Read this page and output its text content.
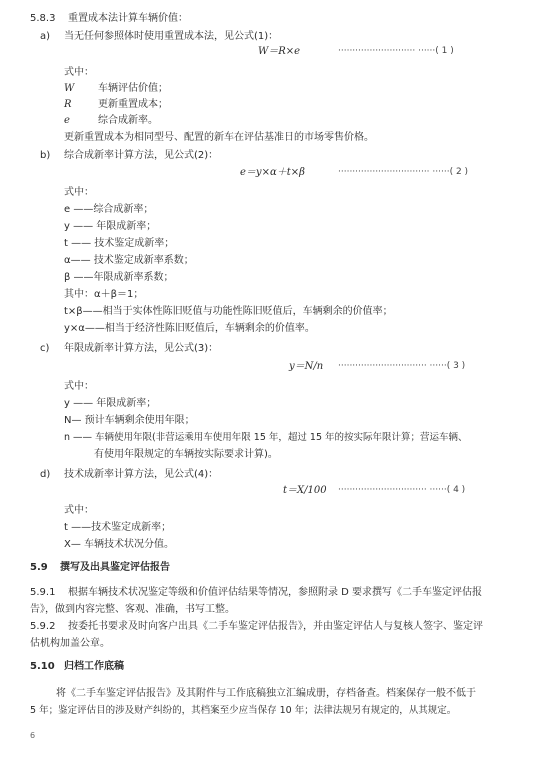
5.8.3 重置成本法计算车辆价值：
a) 当无任何参照体时使用重置成本法，见公式(1)：
W＝R×e	··························· ······( 1 )
式中：
W 车辆评估价值；
R	更新重置成本；
e	综合成新率。
更新重置成本为相同型号、配置的新车在评估基准日的市场零售价格。
b) 综合成新率计算方法，见公式(2)：
e＝y×α＋t×β	································ ······( 2 )
式中：
e ——综合成新率；
y —— 年限成新率；
t —— 技术鉴定成新率；
α—— 技术鉴定成新率系数；
β ——年限成新率系数；
其中：α＋β＝1；
t×β——相当于实体性陈旧贬值与功能性陈旧贬值后，车辆剩余的价值率；
y×α——相当于经济性陈旧贬值后，车辆剩余的价值率。
c) 年限成新率计算方法，见公式(3)：
y＝N/n ······························· ······( 3 )
式中：
y —— 年限成新率；
N— 预计车辆剩余使用年限；
n —— 车辆使用年限(非营运乘用车使用年限 15 年，超过 15 年的按实际年限计算；营运车辆、
有使用年限规定的车辆按实际要求计算)。
d) 技术成新率计算方法，见公式(4)：
t＝X/100 ······························· ······( 4 )
式中：
t ——技术鉴定成新率；
X— 车辆技术状况分值。
5.9 撰写及出具鉴定评估报告
5.9.1 根据车辆技术状况鉴定等级和价值评估结果等情况，参照附录 D 要求撰写《二手车鉴定评估报
告》，做到内容完整、客观、准确，书写工整。
5.9.2 按委托书要求及时向客户出具《二手车鉴定评估报告》，并由鉴定评估人与复核人签字、鉴定评
估机构加盖公章。
5.10 归档工作底稿
将《二手车鉴定评估报告》及其附件与工作底稿独立汇编成册，存档备查。档案保存一般不低于
5 年；鉴定评估目的涉及财产纠纷的，其档案至少应当保存 10 年；法律法规另有规定的，从其规定。
6
